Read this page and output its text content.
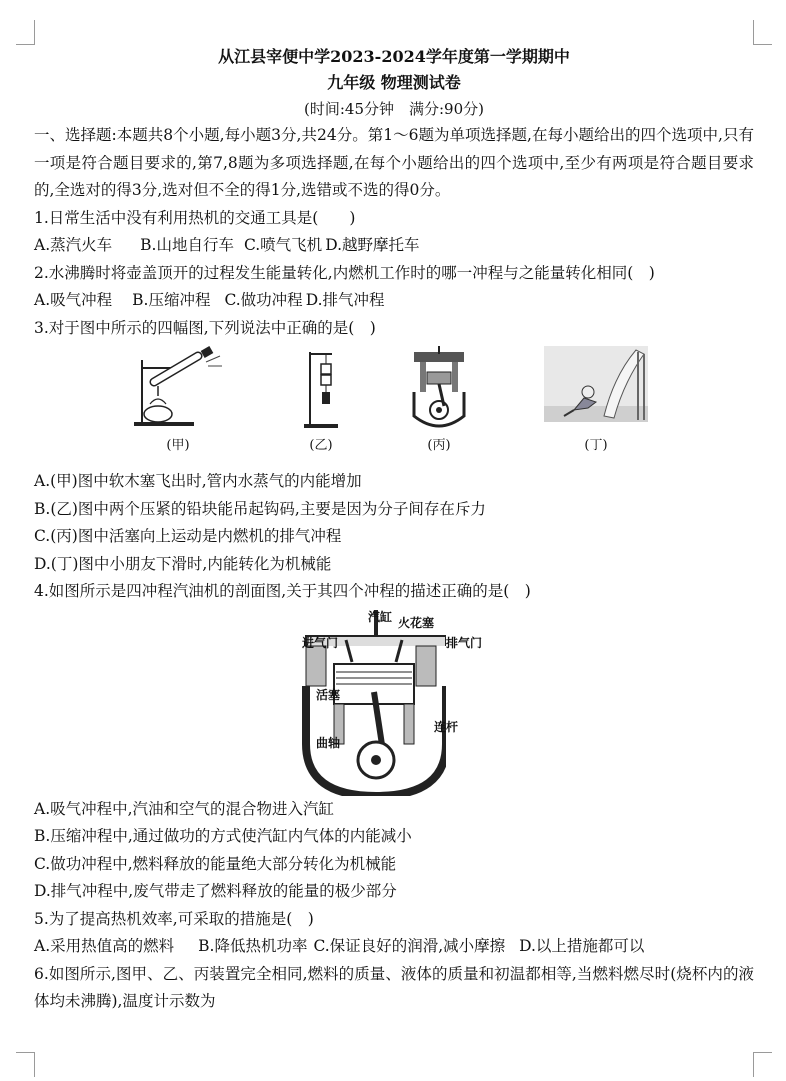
从江县宰便中学2023-2024学年度第一学期期中
九年级 物理测试卷
(时间:45分钟　满分:90分)
一、选择题:本题共8个小题,每小题3分,共24分。第1～6题为单项选择题,在每小题给出的四个选项中,只有一项是符合题目要求的,第7,8题为多项选择题,在每个小题给出的四个选项中,至少有两项是符合题目要求的,全选对的得3分,选对但不全的得1分,选错或不选的得0分。
1.日常生活中没有利用热机的交通工具是(　　)
A.蒸汽火车 B.山地自行车 C.喷气飞机 D.越野摩托车
2.水沸腾时将壶盖顶开的过程发生能量转化,内燃机工作时的哪一冲程与之能量转化相同(　)
A.吸气冲程 B.压缩冲程 C.做功冲程 D.排气冲程
3.对于图中所示的四幅图,下列说法中正确的是(　)
(甲)	(乙)	(丙)	(丁)
A.(甲)图中软木塞飞出时,管内水蒸气的内能增加
B.(乙)图中两个压紧的铅块能吊起钩码,主要是因为分子间存在斥力
C.(丙)图中活塞向上运动是内燃机的排气冲程
D.(丁)图中小朋友下滑时,内能转化为机械能
4.如图所示是四冲程汽油机的剖面图,关于其四个冲程的描述正确的是(　)
汽缸 火花塞
进气门	排气门
活塞
连杆
曲轴
A.吸气冲程中,汽油和空气的混合物进入汽缸
B.压缩冲程中,通过做功的方式使汽缸内气体的内能减小
C.做功冲程中,燃料释放的能量绝大部分转化为机械能
D.排气冲程中,废气带走了燃料释放的能量的极少部分
5.为了提高热机效率,可采取的措施是(　)
A.采用热值高的燃料 B.降低热机功率 C.保证良好的润滑,减小摩擦 D.以上措施都可以
6.如图所示,图甲、乙、丙装置完全相同,燃料的质量、液体的质量和初温都相等,当燃料燃尽时(烧杯内的液体均未沸腾),温度计示数为
